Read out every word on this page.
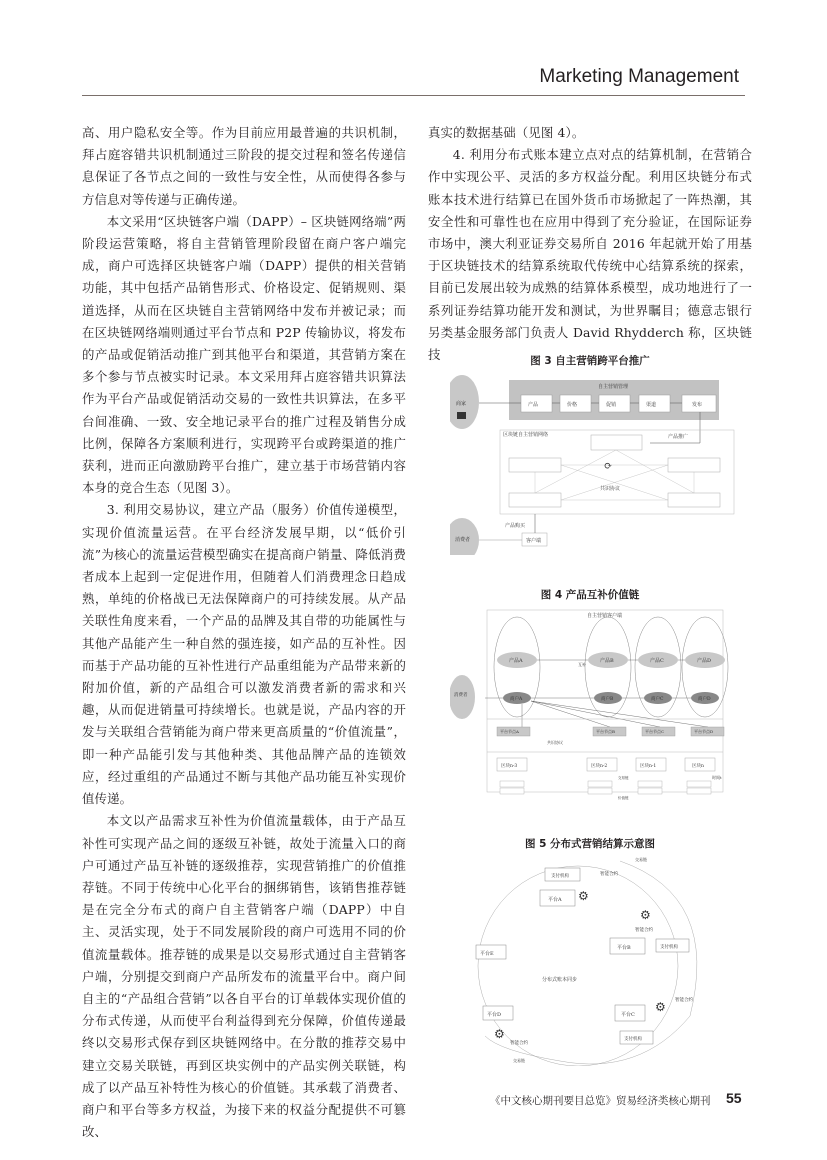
Marketing Management

高、用户隐私安全等。作为目前应用最普遍的共识机制，拜占庭容错共识机制通过三阶段的提交过程和签名传递信息保证了各节点之间的一致性与安全性，从而使得各参与方信息对等传递与正确传递。

本文采用“区块链客户端（DAPP）– 区块链网络端”两阶段运营策略，将自主营销管理阶段留在商户客户端完成，商户可选择区块链客户端（DAPP）提供的相关营销功能，其中包括产品销售形式、价格设定、促销规则、渠道选择，从而在区块链自主营销网络中发布并被记录；而在区块链网络端则通过平台节点和 P2P 传输协议，将发布的产品或促销活动推广到其他平台和渠道，其营销方案在多个参与节点被实时记录。本文采用拜占庭容错共识算法作为平台产品或促销活动交易的一致性共识算法，在多平台间准确、一致、安全地记录平台的推广过程及销售分成比例，保障各方案顺利进行，实现跨平台或跨渠道的推广获利，进而正向激励跨平台推广，建立基于市场营销内容本身的竞合生态（见图 3）。

3. 利用交易协议，建立产品（服务）价值传递模型，实现价值流量运营。在平台经济发展早期，以“低价引流”为核心的流量运营模型确实在提高商户销量、降低消费者成本上起到一定促进作用，但随着人们消费理念日趋成熟，单纯的价格战已无法保障商户的可持续发展。从产品关联性角度来看，一个产品的品牌及其自带的功能属性与其他产品能产生一种自然的强连接，如产品的互补性。因而基于产品功能的互补性进行产品重组能为产品带来新的附加价值，新的产品组合可以激发消费者新的需求和兴趣，从而促进销量可持续增长。也就是说，产品内容的开发与关联组合营销能为商户带来更高质量的“价值流量”，即一种产品能引发与其他种类、其他品牌产品的连锁效应，经过重组的产品通过不断与其他产品功能互补实现价值传递。

本文以产品需求互补性为价值流量载体，由于产品互补性可实现产品之间的逐级互补链，故处于流量入口的商户可通过产品互补链的逐级推荐，实现营销推广的价值推荐链。不同于传统中心化平台的捆绑销售，该销售推荐链是在完全分布式的商户自主营销客户端（DAPP）中自主、灵活实现，处于不同发展阶段的商户可选用不同的价值流量载体。推荐链的成果是以交易形式通过自主营销客户端，分别提交到商户产品所发布的流量平台中。商户间自主的“产品组合营销”以各自平台的订单载体实现价值的分布式传递，从而使平台利益得到充分保障，价值传递最终以交易形式保存到区块链网络中。在分散的推荐交易中建立交易关联链，再到区块实例中的产品实例关联链，构成了以产品互补特性为核心的价值链。其承载了消费者、商户和平台等多方权益，为接下来的权益分配提供不可篡改、

真实的数据基础（见图 4）。

4. 利用分布式账本建立点对点的结算机制，在营销合作中实现公平、灵活的多方权益分配。利用区块链分布式账本技术进行结算已在国外货币市场掀起了一阵热潮，其安全性和可靠性也在应用中得到了充分验证，在国际证券市场中，澳大利亚证券交易所自 2016 年起就开始了用基于区块链技术的结算系统取代传统中心结算系统的探索，目前已发展出较为成熟的结算体系模型，成功地进行了一系列证券结算功能开发和测试，为世界瞩目；德意志银行另类基金服务部门负责人 David Rhydderch 称，区块链技	图 3 自主营销跨平台推广
商家
自主营销管理
产品	价格	促销	渠道	发布
区块链自主营销网络	产品推广
⟳
共识协议
消费者
产品购买
客户端
图 4 产品互补价值链
自主营销客户端
产品A	产品B	产品C	产品D
商户A	商户B	商户C	商户D
互补
消费者
平台节点A	平台节点B	平台节点C	平台节点D
共识协议
区块n-3	区块n-2	区块n-1	区块n
时间t
交易链
价值链
图 5 分布式营销结算示意图
平台A
平台B
平台E
平台C
平台D
支付机构
支付机构
支付机构
⚙
⚙
⚙
⚙
智能合约
智能合约
智能合约
智能合约
分布式账本同步
交易链
交易链
《中文核心期刊要目总览》贸易经济类核心期刊 55
